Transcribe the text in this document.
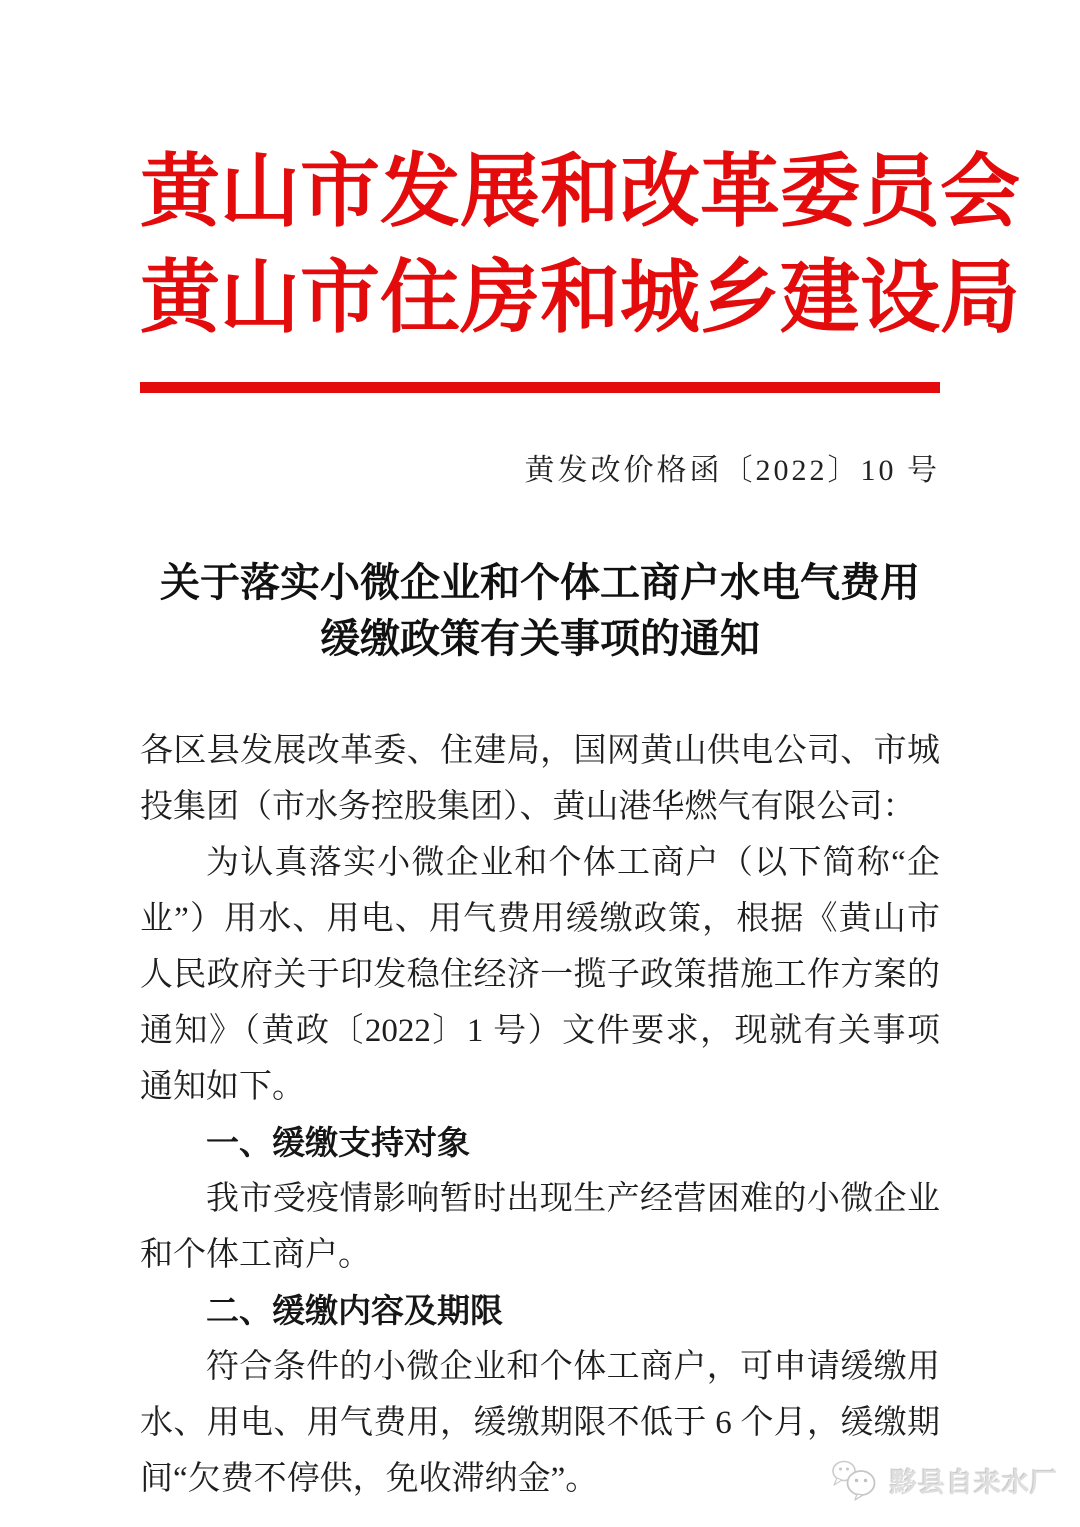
黄山市发展和改革委员会
黄山市住房和城乡建设局
黄发改价格函〔2022〕10 号
关于落实小微企业和个体工商户水电气费用
缓缴政策有关事项的通知

各区县发展改革委、住建局，国网黄山供电公司、市城投集团（市水务控股集团）、黄山港华燃气有限公司：

为认真落实小微企业和个体工商户（以下简称“企业”）用水、用电、用气费用缓缴政策，根据《黄山市人民政府关于印发稳住经济一揽子政策措施工作方案的通知》（黄政〔2022〕1 号）文件要求，现就有关事项通知如下。

一、缓缴支持对象

我市受疫情影响暂时出现生产经营困难的小微企业和个体工商户。

二、缓缴内容及期限

符合条件的小微企业和个体工商户，可申请缓缴用水、用电、用气费用，缓缴期限不低于 6 个月，缓缴期间“欠费不停供，免收滞纳金”。	黟县自来水厂
